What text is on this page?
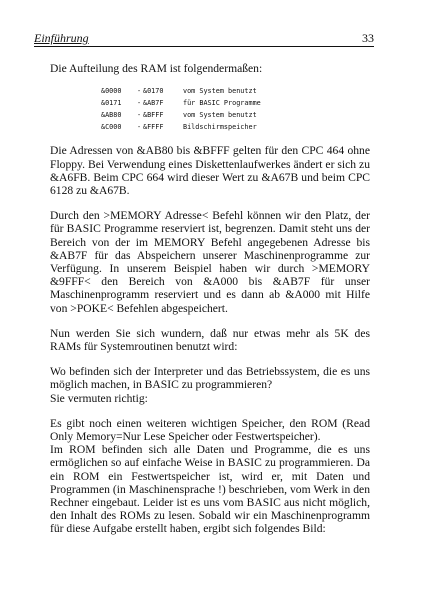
Einführung	33

Die Aufteilung des RAM ist folgendermaßen:

&0000	-	&0170	vom System benutzt
&0171	-	&AB7F	für BASIC Programme
&AB80	-	&BFFF	vom System benutzt
&C000	-	&FFFF	Bildschirmspeicher

Die Adressen von &AB80 bis &BFFF gelten für den CPC 464 ohne Floppy. Bei Verwendung eines Diskettenlaufwerkes ändert er sich zu &A6FB. Beim CPC 664 wird dieser Wert zu &A67B und beim CPC 6128 zu &A67B.

Durch den >MEMORY Adresse< Befehl können wir den Platz, der für BASIC Programme reserviert ist, begrenzen. Damit steht uns der Bereich von der im MEMORY Befehl angegebenen Adresse bis &AB7F für das Abspeichern unserer Maschinenprogramme zur Verfügung. In unserem Beispiel haben wir durch >MEMORY &9FFF< den Bereich von &A000 bis &AB7F für unser Maschinenprogramm reserviert und es dann ab &A000 mit Hilfe von >POKE< Befehlen abgespeichert.

Nun werden Sie sich wundern, daß nur etwas mehr als 5K des RAMs für Systemroutinen benutzt wird:

Wo befinden sich der Interpreter und das Betriebssystem, die es uns möglich machen, in BASIC zu programmieren?

Sie vermuten richtig:

Es gibt noch einen weiteren wichtigen Speicher, den ROM (Read Only Memory=Nur Lese Speicher oder Festwertspeicher).

Im ROM befinden sich alle Daten und Programme, die es uns ermöglichen so auf einfache Weise in BASIC zu programmieren. Da ein ROM ein Festwertspeicher ist, wird er, mit Daten und Programmen (in Maschinensprache !) beschrieben, vom Werk in den Rechner eingebaut. Leider ist es uns vom BASIC aus nicht möglich, den Inhalt des ROMs zu lesen. Sobald wir ein Maschinenprogramm für diese Aufgabe erstellt haben, ergibt sich folgendes Bild:
